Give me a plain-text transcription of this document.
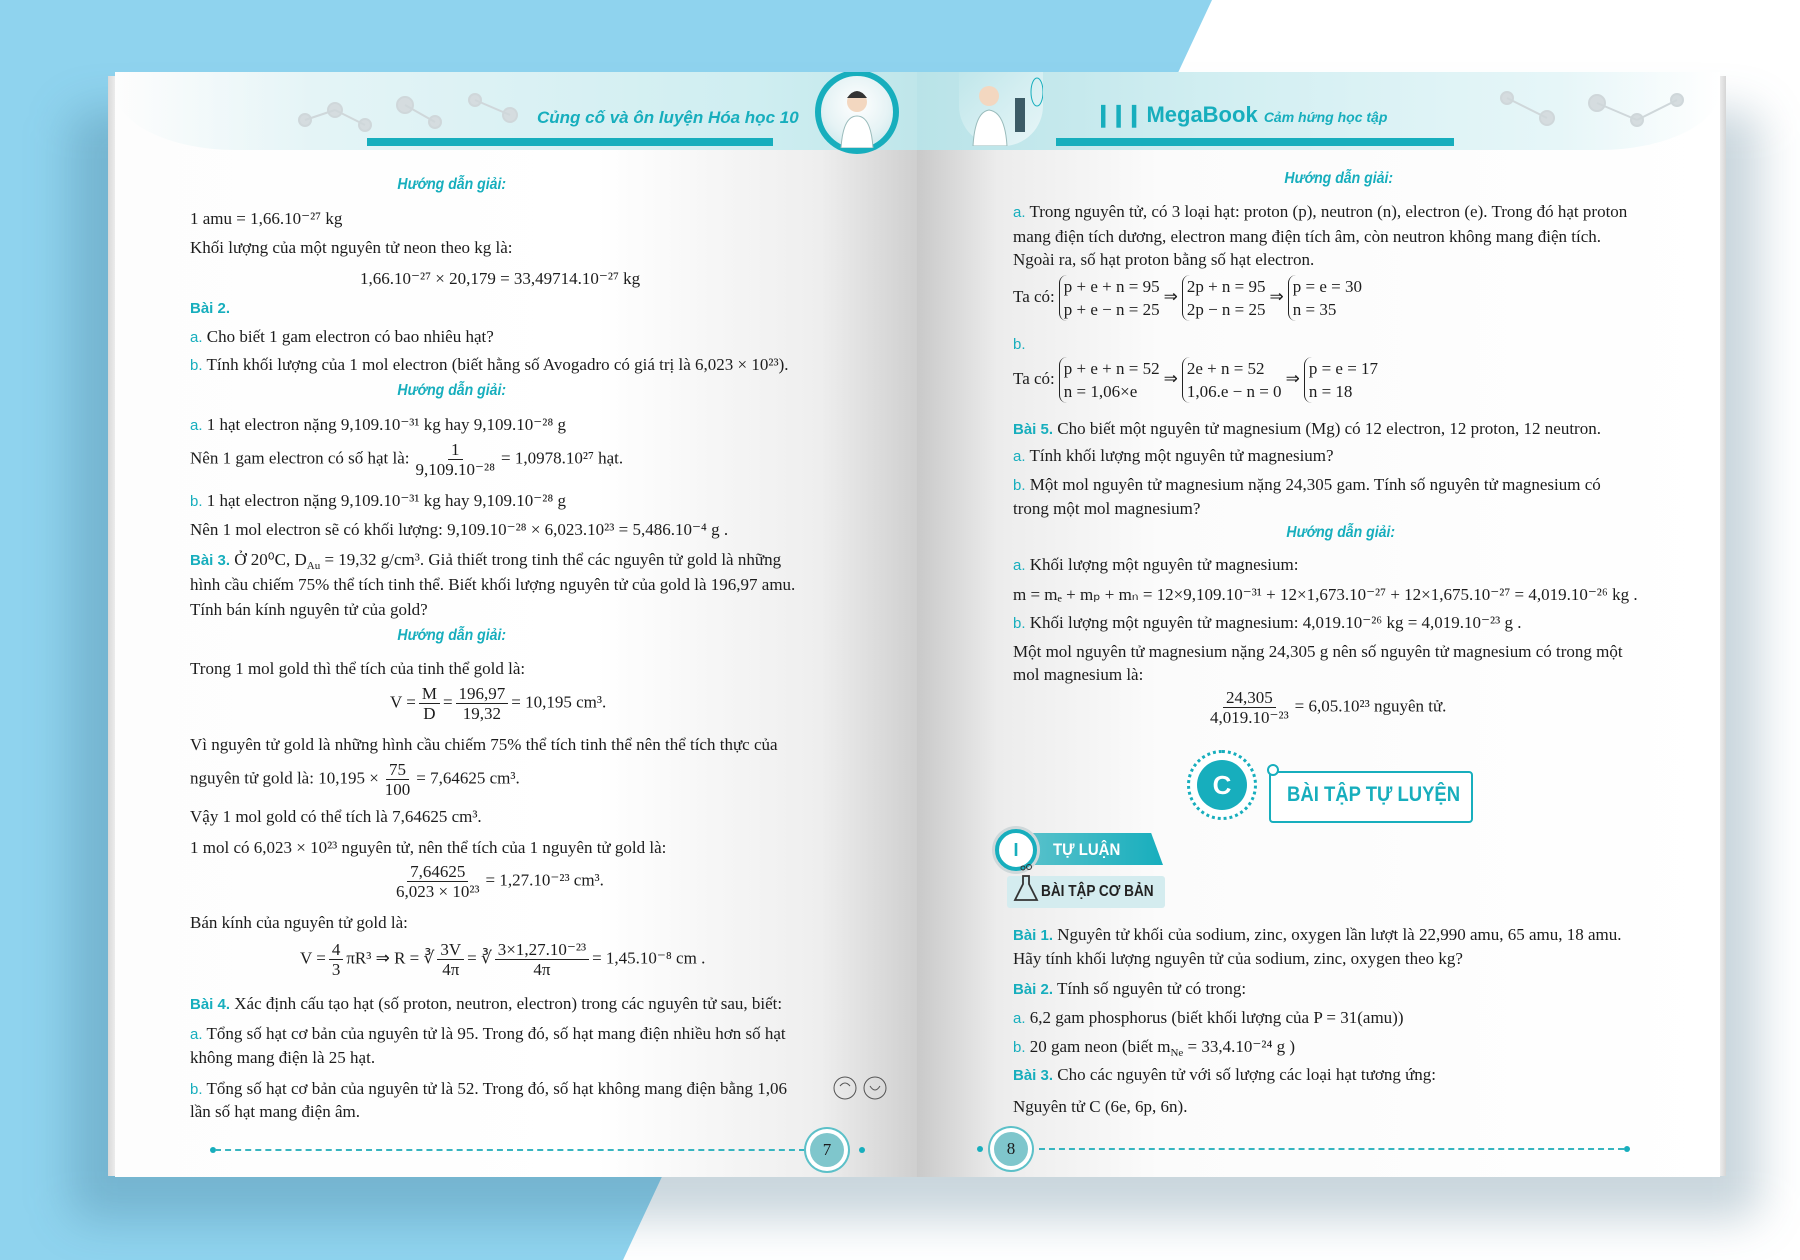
Củng cố và ôn luyện Hóa học 10
Hướng dẫn giải:
1 amu = 1,66.10⁻²⁷ kg
Khối lượng của một nguyên tử neon theo kg là:
1,66.10⁻²⁷ × 20,179 = 33,49714.10⁻²⁷ kg
Bài 2.
a. Cho biết 1 gam electron có bao nhiêu hạt?
b. Tính khối lượng của 1 mol electron (biết hằng số Avogadro có giá trị là 6,023 × 10²³).
Hướng dẫn giải:
a. 1 hạt electron nặng 9,109.10⁻³¹ kg hay 9,109.10⁻²⁸ g
Nên 1 gam electron có số hạt là: $\frac{1}{\text{9,109.10⁻²⁸}} = 1,0978.10^{27}$ hạt.
b. 1 hạt electron nặng 9,109.10⁻³¹ kg hay 9,109.10⁻²⁸ g
Nên 1 mol electron sẽ có khối lượng: 9,109.10⁻²⁸ × 6,023.10²³ = 5,486.10⁻⁴ g .
Bài 3. Ở 20⁰C, $D_{Au} = 19,32$ g/cm³. Giả thiết trong tinh thể các nguyên tử gold là những
hình cầu chiếm 75% thể tích tinh thể. Biết khối lượng nguyên tử của gold là 196,97 amu.
Tính bán kính nguyên tử của gold?
Hướng dẫn giải:
Trong 1 mol gold thì thể tích của tinh thể gold là:
$V = \frac{M}{D} = \frac{196,97}{19,32} = 10,195$ cm³.
Vì nguyên tử gold là những hình cầu chiếm 75% thể tích tinh thể nên thể tích thực của
nguyên tử gold là: $10,195 \times \frac{75}{100} = 7,64625$ cm³.
Vậy 1 mol gold có thể tích là 7,64625 cm³.
1 mol có 6,023 × 10²³ nguyên tử, nên thể tích của 1 nguyên tử gold là:
$\frac{7,64625}{\text{6,023 × 10²³}} = 1,27.10^{-23}$ cm³.
Bán kính của nguyên tử gold là:
$V = \frac{4}{3} \pi R^3$ ⇒ R = ∛ $\frac{3V}{4\pi}$ = ∛ $\frac{\text{3×1,27.10⁻²³}}{4\pi} = 1,45.10^{-8}$ cm .
Bài 4. Xác định cấu tạo hạt (số proton, neutron, electron) trong các nguyên tử sau, biết:
a. Tổng số hạt cơ bản của nguyên tử là 95. Trong đó, số hạt mang điện nhiều hơn số hạt
không mang điện là 25 hạt.
b. Tổng số hạt cơ bản của nguyên tử là 52. Trong đó, số hạt không mang điện bằng 1,06
lần số hạt mang điện âm.
7
❙❙❙ MegaBook Cảm hứng học tập
Hướng dẫn giải:
a. Trong nguyên tử, có 3 loại hạt: proton (p), neutron (n), electron (e). Trong đó hạt proton
mang điện tích dương, electron mang điện tích âm, còn neutron không mang điện tích.
Ngoài ra, số hạt proton bằng số hạt electron.
Ta có:
p + e + n = 95
p + e − n = 25
⇒
2p + n = 95
2p − n = 25
⇒
p = e = 30
n = 35
b.
Ta có:
p + e + n = 52
n = 1,06×e
⇒
2e + n = 52
1,06.e − n = 0
⇒
p = e = 17
n = 18
Bài 5. Cho biết một nguyên tử magnesium (Mg) có 12 electron, 12 proton, 12 neutron.
a. Tính khối lượng một nguyên tử magnesium?
b. Một mol nguyên tử magnesium nặng 24,305 gam. Tính số nguyên tử magnesium có
trong một mol magnesium?
Hướng dẫn giải:
a. Khối lượng một nguyên tử magnesium:
m = mₑ + mₚ + mₙ = 12×9,109.10⁻³¹ + 12×1,673.10⁻²⁷ + 12×1,675.10⁻²⁷ = 4,019.10⁻²⁶ kg .
b. Khối lượng một nguyên tử magnesium: 4,019.10⁻²⁶ kg = 4,019.10⁻²³ g .
Một mol nguyên tử magnesium nặng 24,305 g nên số nguyên tử magnesium có trong một
mol magnesium là:
$\frac{24,305}{\text{4,019.10⁻²³}} = 6,05.10^{23}$ nguyên tử.
C	BÀI TẬP TỰ LUYỆN
I	TỰ LUẬN
BÀI TẬP CƠ BẢN
Bài 1. Nguyên tử khối của sodium, zinc, oxygen lần lượt là 22,990 amu, 65 amu, 18 amu.
Hãy tính khối lượng nguyên tử của sodium, zinc, oxygen theo kg?
Bài 2. Tính số nguyên tử có trong:
a. 6,2 gam phosphorus (biết khối lượng của P = 31(amu))
b. 20 gam neon (biết $m_{Ne} = 33,4.10^{-24}$ g )
Bài 3. Cho các nguyên tử với số lượng các loại hạt tương ứng:
Nguyên tử C (6e, 6p, 6n).
8
